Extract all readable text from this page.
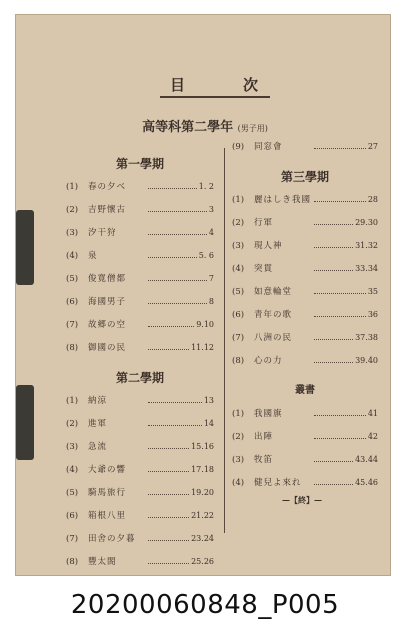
目	次
高等科第二學年 (男子用)
第一學期
(1)	春の夕べ	1. 2
(2)	吉野懷古	3
(3)	汐干狩	4
(4)	泉	5. 6
(5)	俊寬僧都	7
(6)	海國男子	8
(7)	故郷の空	9.10
(8)	御國の民	11.12
第二學期
(1)	納涼	13
(2)	進軍	14
(3)	急流	15.16
(4)	大爺の響	17.18
(5)	騎馬旅行	19.20
(6)	箱根八里	21.22
(7)	田舍の夕暮	23.24
(8)	豐太閤	25.26
(9)	同窓會	27
第三學期
(1)	麗はしき我國	28
(2)	行軍	29.30
(3)	現人神	31.32
(4)	突貫	33.34
(5)	如意輪堂	35
(6)	青年の歌	36
(7)	八洲の民	37.38
(8)	心の力	39.40
叢書
(1)	我國旗	41
(2)	出陣	42
(3)	牧笛	43.44
(4)	健兒よ來れ	45.46
—【終】—
20200060848_P005
